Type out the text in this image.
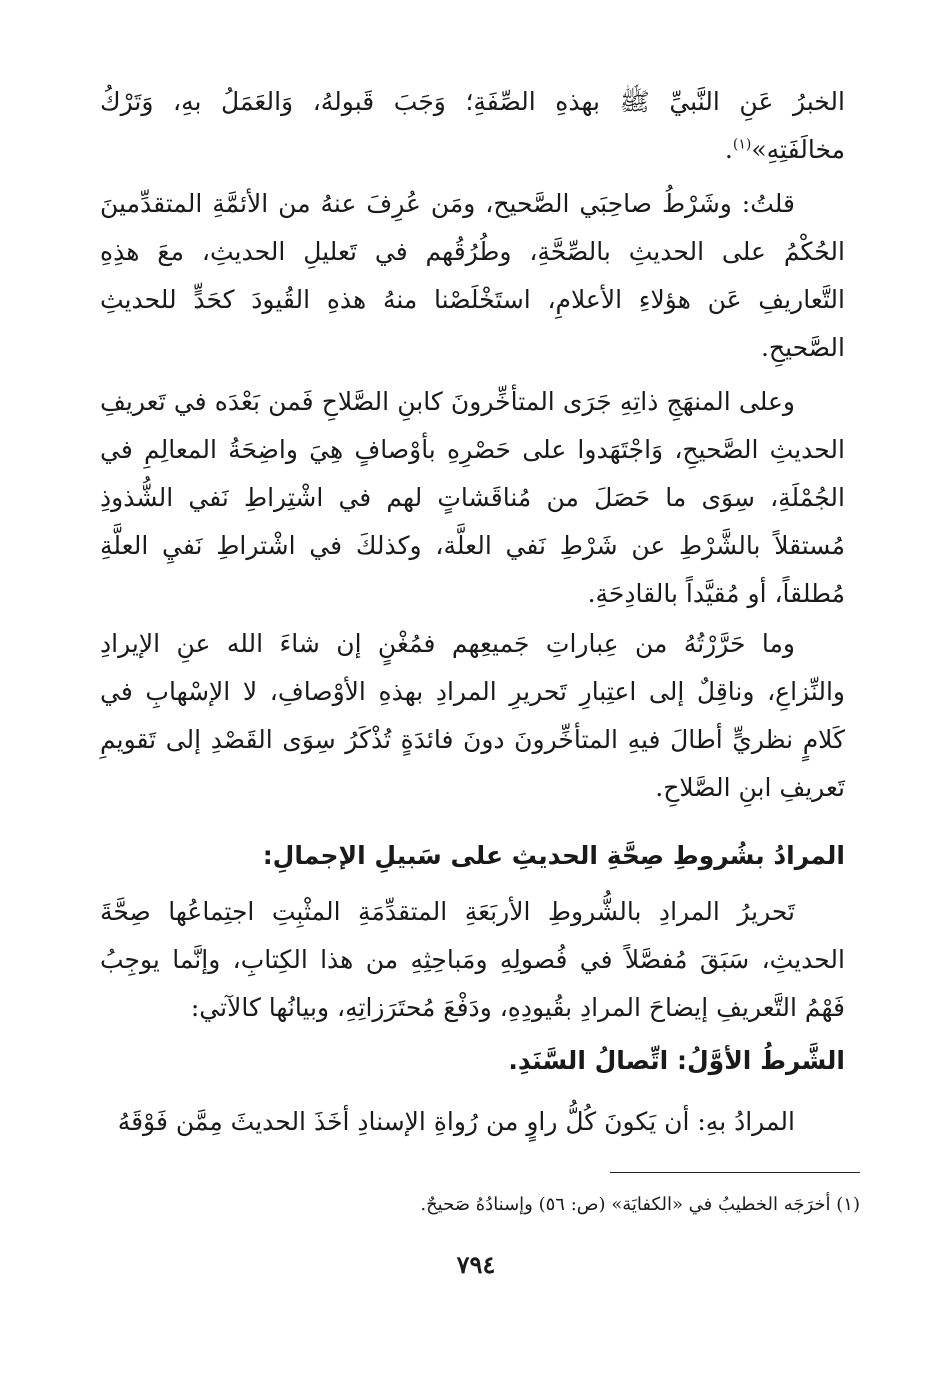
الخبرُ عَنِ النَّبيِّ ﷺ بهذهِ الصِّفَةِ؛ وَجَبَ قَبولهُ، وَالعَمَلُ بهِ، وَتَرْكُ مخالَفَتِهِ»$^{(١)}$.

قلتُ: وشَرْطُ صاحِبَي الصَّحيح، ومَن عُرِفَ عنهُ من الأئمَّةِ المتقدِّمينَ الحُكْمُ على الحديثِ بالصِّحَّةِ، وطُرُقُهم في تَعليلِ الحديثِ، معَ هذِهِ التَّعاريفِ عَن هؤلاءِ الأعلامِ، استَخْلَصْنا منهُ هذهِ القُيودَ كحَدٍّ للحديثِ الصَّحيحِ.

وعلى المنهَجِ ذاتِهِ جَرَى المتأخِّرونَ كابنِ الصَّلاحِ فَمن بَعْدَه في تَعريفِ الحديثِ الصَّحيحِ، وَاجْتَهَدوا على حَصْرِهِ بأوْصافٍ هِيَ واضِحَةُ المعالِمِ في الجُمْلَةِ، سِوَى ما حَصَلَ من مُناقَشاتٍ لهم في اشْتِراطِ نَفي الشُّذوذِ مُستقلاً بالشَّرْطِ عن شَرْطِ نَفي العلَّة، وكذلكَ في اشْتراطِ نَفيِ العلَّةِ مُطلقاً، أو مُقيَّداً بالقادِحَةِ.

وما حَرَّرْتُهُ من عِباراتِ جَميعِهم فمُغْنٍ إن شاءَ الله عنِ الإيرادِ والنِّزاعِ، وناقِلٌ إلى اعتِبارِ تَحريرِ المرادِ بهذهِ الأوْصافِ، لا الإسْهابِ في كَلامٍ نظريٍّ أطالَ فيهِ المتأخِّرونَ دونَ فائدَةٍ تُذْكَرُ سِوَى القَصْدِ إلى تَقويمِ تَعريفِ ابنِ الصَّلاحِ.

المرادُ بشُروطِ صِحَّةِ الحديثِ على سَبيلِ الإجمالِ:

تَحريرُ المرادِ بالشُّروطِ الأربَعَةِ المتقدِّمَةِ المثْبِتِ اجتِماعُها صِحَّةَ الحديثِ، سَبَقَ مُفصَّلاً في فُصولِهِ ومَباحِثِهِ من هذا الكِتابِ، وإنَّما يوجِبُ فَهْمُ التَّعريفِ إيضاحَ المرادِ بقُيودِهِ، ودَفْعَ مُحتَرَزاتِهِ، وبيانُها كالآتي:

الشَّرطُ الأوَّلُ: اتِّصالُ السَّنَدِ.

المرادُ بهِ: أن يَكونَ كُلُّ راوٍ من رُواةِ الإسنادِ أخَذَ الحديثَ مِمَّن فَوْقَهُ

(١) أخرَجَه الخطيبُ في «الكفايَة» (ص: ٥٦) وإسنادُهُ صَحيحٌ.
٧٩٤
